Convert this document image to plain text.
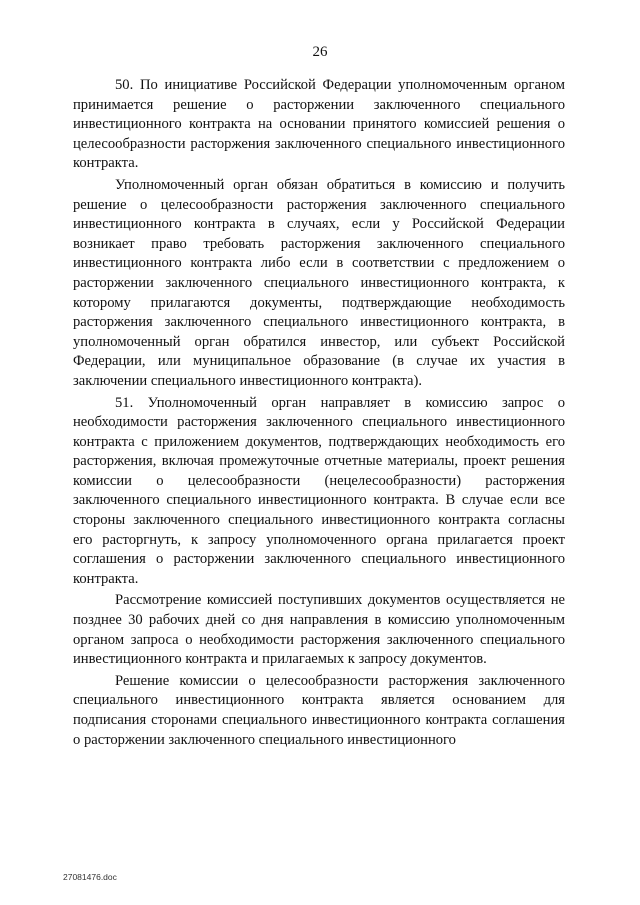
26

50. По инициативе Российской Федерации уполномоченным органом принимается решение о расторжении заключенного специального инвестиционного контракта на основании принятого комиссией решения о целесообразности расторжения заключенного специального инвестиционного контракта.

Уполномоченный орган обязан обратиться в комиссию и получить решение о целесообразности расторжения заключенного специального инвестиционного контракта в случаях, если у Российской Федерации возникает право требовать расторжения заключенного специального инвестиционного контракта либо если в соответствии с предложением о расторжении заключенного специального инвестиционного контракта, к которому прилагаются документы, подтверждающие необходимость расторжения заключенного специального инвестиционного контракта, в уполномоченный орган обратился инвестор, или субъект Российской Федерации, или муниципальное образование (в случае их участия в заключении специального инвестиционного контракта).

51. Уполномоченный орган направляет в комиссию запрос о необходимости расторжения заключенного специального инвестиционного контракта с приложением документов, подтверждающих необходимость его расторжения, включая промежуточные отчетные материалы, проект решения комиссии о целесообразности (нецелесообразности) расторжения заключенного специального инвестиционного контракта. В случае если все стороны заключенного специального инвестиционного контракта согласны его расторгнуть, к запросу уполномоченного органа прилагается проект соглашения о расторжении заключенного специального инвестиционного контракта.

Рассмотрение комиссией поступивших документов осуществляется не позднее 30 рабочих дней со дня направления в комиссию уполномоченным органом запроса о необходимости расторжения заключенного специального инвестиционного контракта и прилагаемых к запросу документов.

Решение комиссии о целесообразности расторжения заключенного специального инвестиционного контракта является основанием для подписания сторонами специального инвестиционного контракта соглашения о расторжении заключенного специального инвестиционного

27081476.doc
